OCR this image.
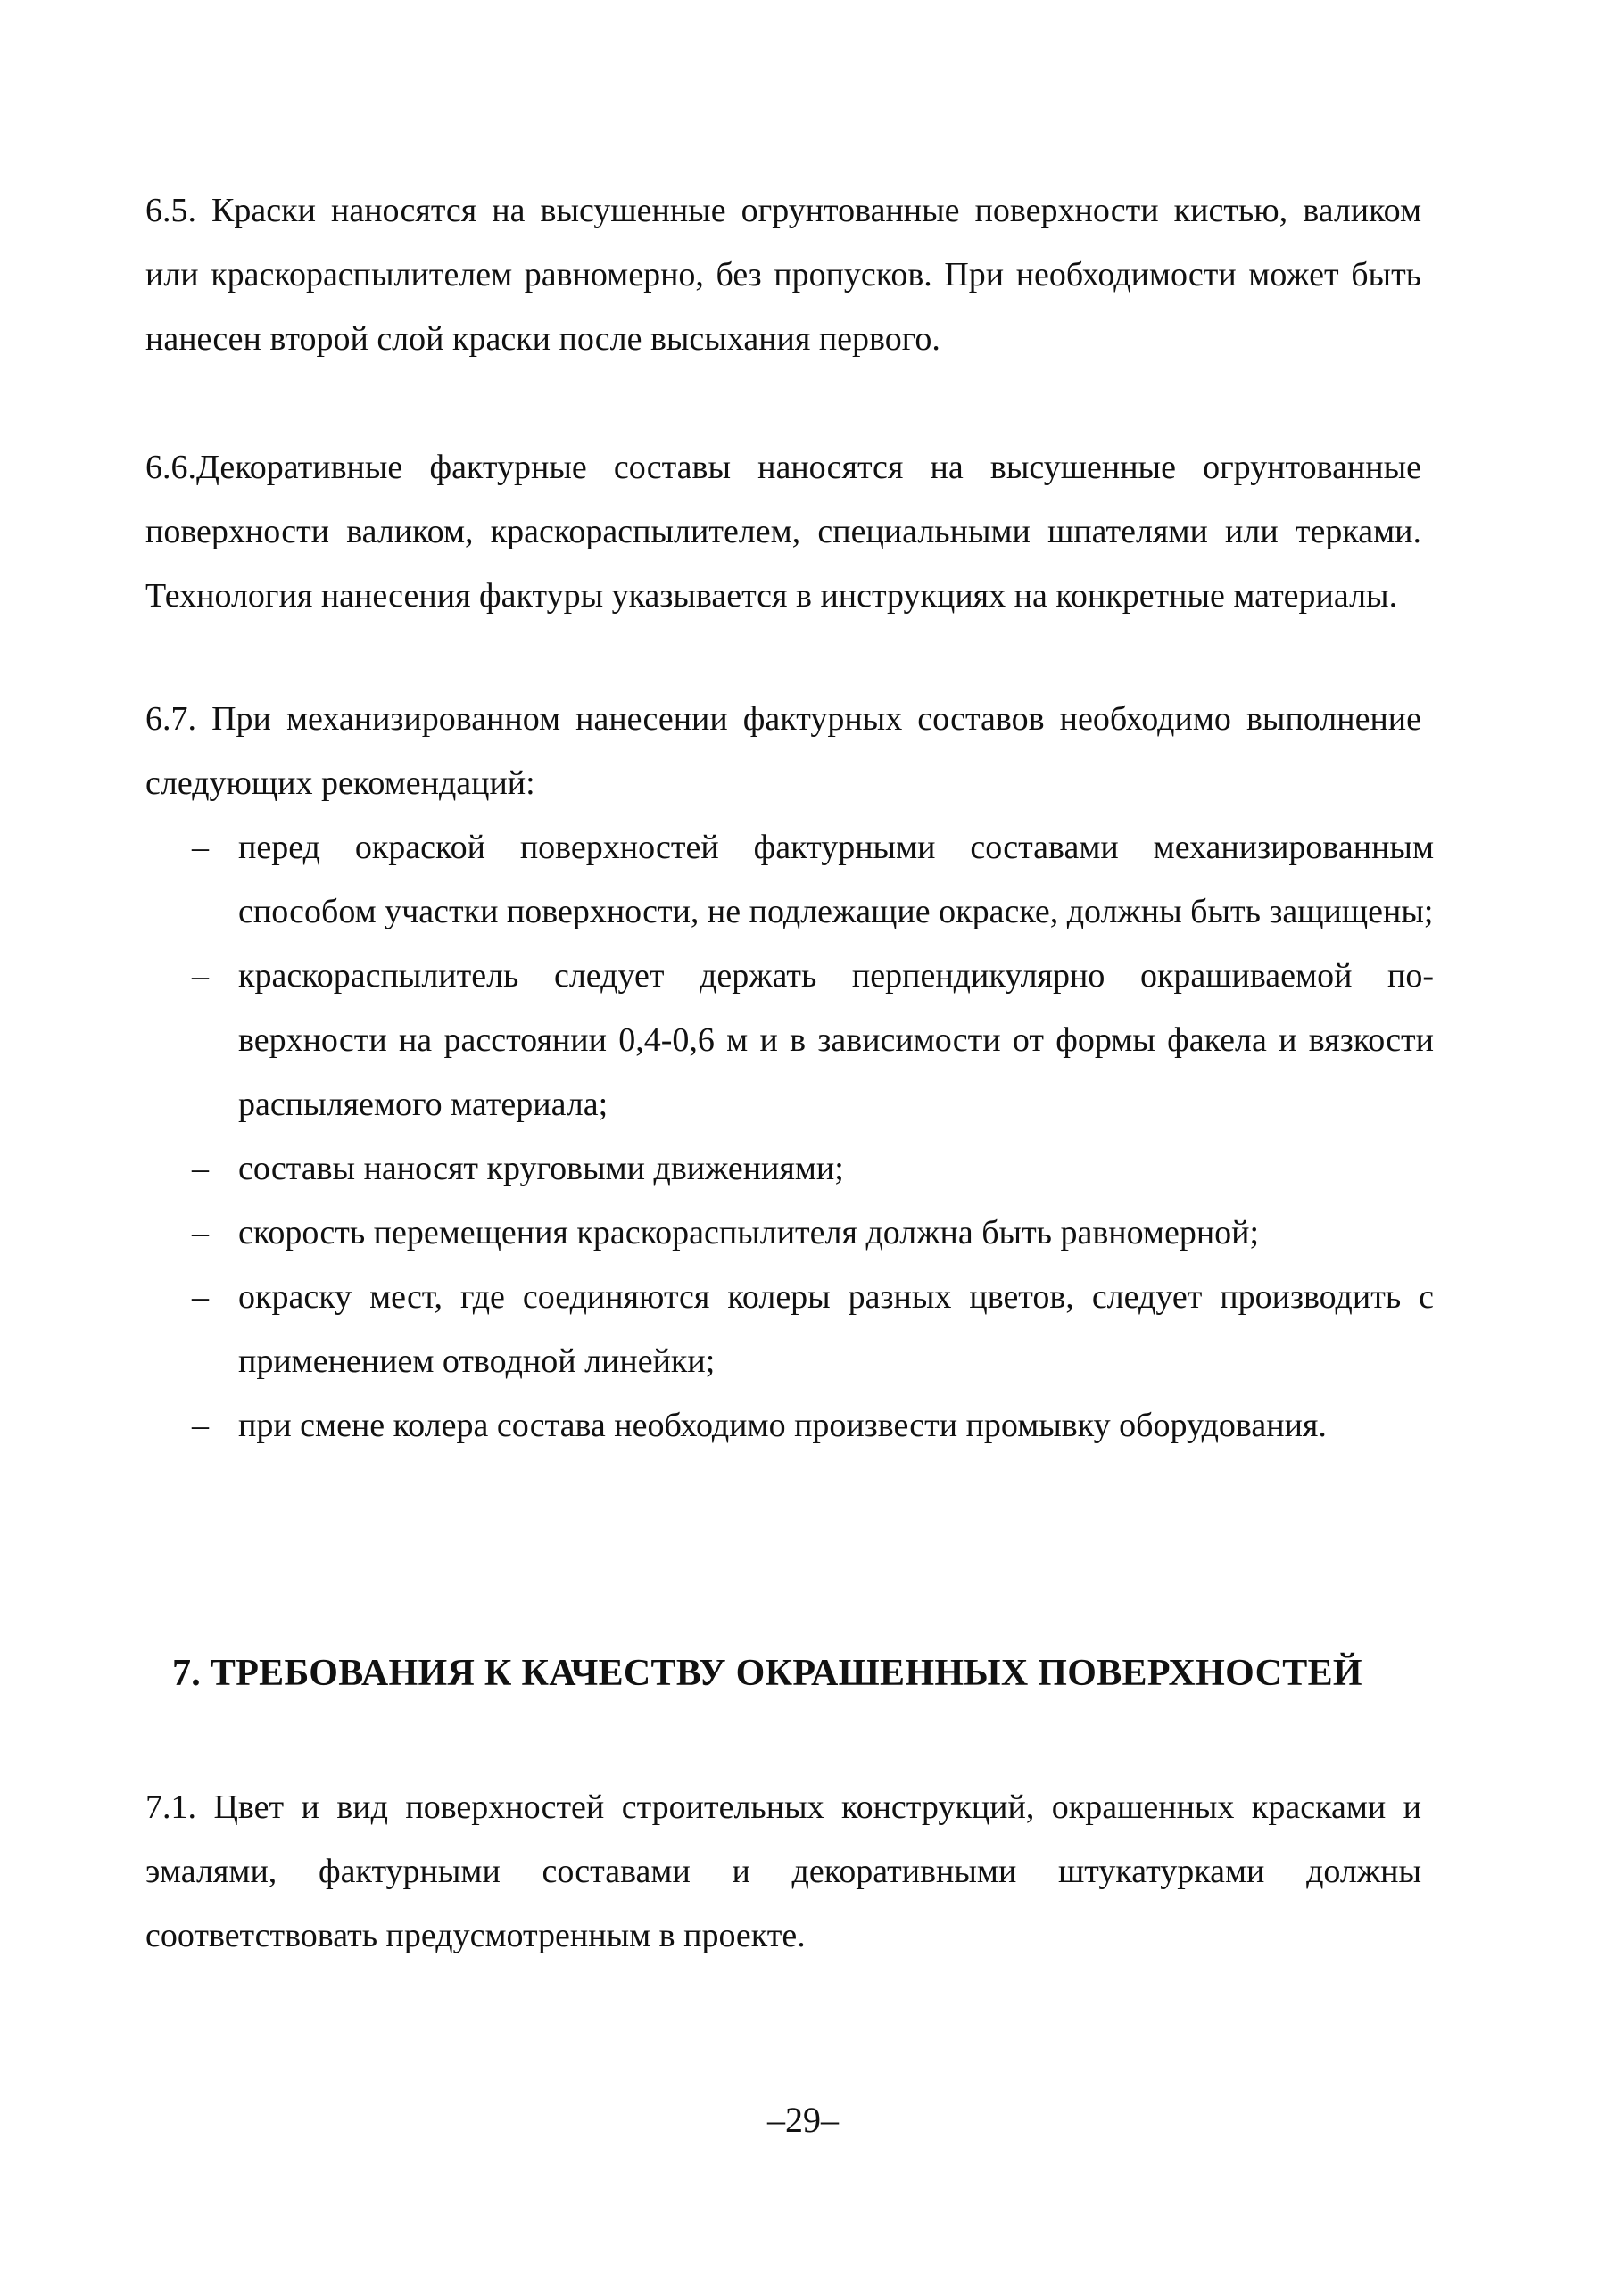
6.5. Краски наносятся на высушенные огрунтованные поверхности кистью, валиком или краскораспылителем равномерно, без пропусков. При необходимости может быть нанесен второй слой краски после высыхания первого.

6.6.Декоративные фактурные составы наносятся на высушенные огрунтованные поверхности валиком, краскораспылителем, специальными шпателями или терками. Технология нанесения фактуры указывается в инструкциях на конкретные материалы.

6.7. При механизированном нанесении фактурных составов необходимо выполнение следующих рекомендаций:

– перед окраской поверхностей фактурными составами механизированным способом участки поверхности, не подлежащие окраске, должны быть защищены;
– краскораспылитель следует держать перпендикулярно окрашиваемой по-верхности на расстоянии 0,4-0,6 м и в зависимости от формы факела и вязкости распыляемого материала;
– составы наносят круговыми движениями;
– скорость перемещения краскораспылителя должна быть равномерной;
– окраску мест, где соединяются колеры разных цветов, следует производить с применением отводной линейки;
– при смене колера состава необходимо произвести промывку оборудования.
7. ТРЕБОВАНИЯ К КАЧЕСТВУ ОКРАШЕННЫХ ПОВЕРХНОСТЕЙ

7.1. Цвет и вид поверхностей строительных конструкций, окрашенных красками и эмалями, фактурными составами и декоративными штукатурками должны соответствовать предусмотренным в проекте.

–29–
